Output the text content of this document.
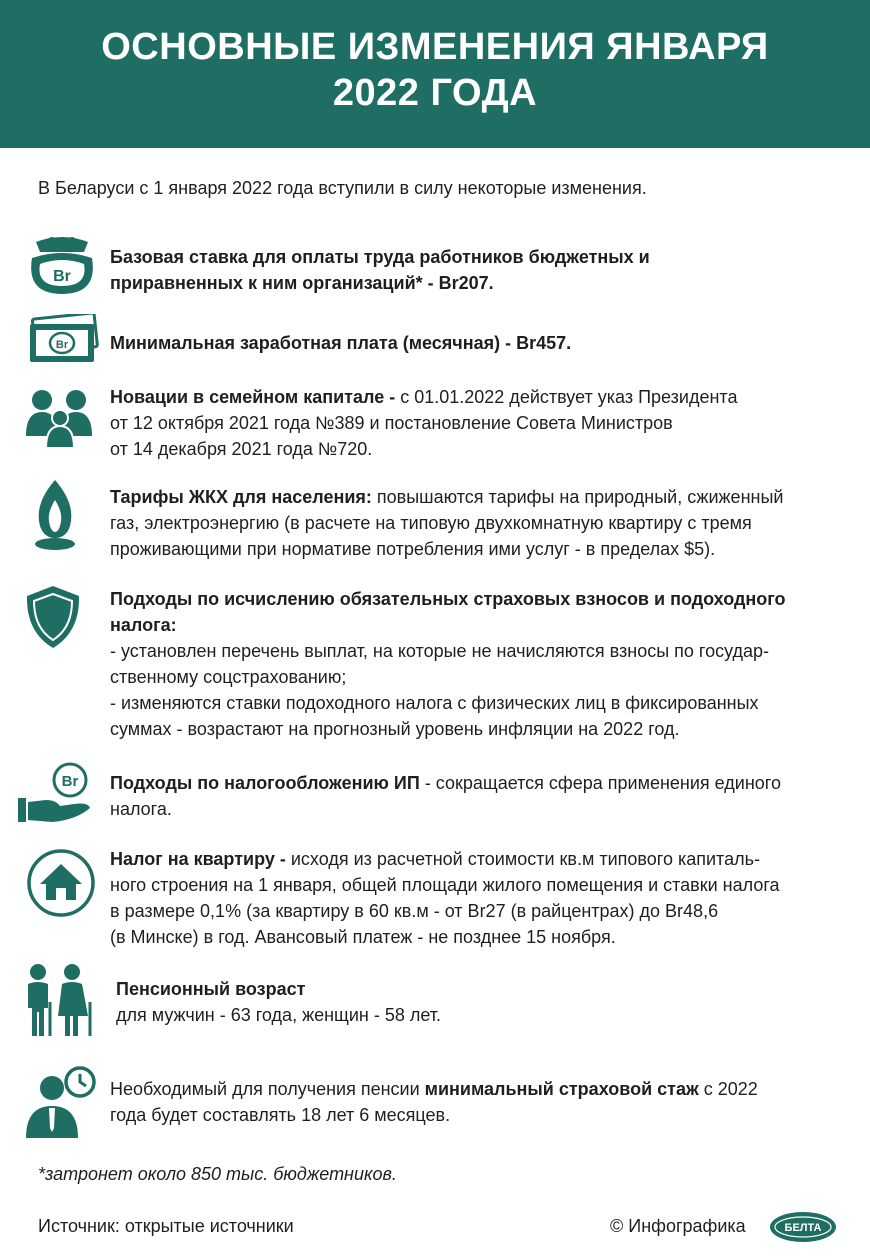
ОСНОВНЫЕ ИЗМЕНЕНИЯ ЯНВАРЯ
2022 ГОДА
В Беларуси с 1 января 2022 года вступили в силу некоторые изменения.
Br
Базовая ставка для оплаты труда работников бюджетных и
приравненных к ним организаций* - Br207.
Br Минимальная заработная плата (месячная) - Br457.
Новации в семейном капитале - с 01.01.2022 действует указ Президента
от 12 октября 2021 года №389 и постановление Совета Министров
от 14 декабря 2021 года №720.
Тарифы ЖКХ для населения: повышаются тарифы на природный, сжиженный
газ, электроэнергию (в расчете на типовую двухкомнатную квартиру с тремя
проживающими при нормативе потребления ими услуг - в пределах $5).
Подходы по исчислению обязательных страховых взносов и подоходного
налога:
- установлен перечень выплат, на которые не начисляются взносы по государ-
ственному соцстрахованию;
- изменяются ставки подоходного налога с физических лиц в фиксированных
суммах - возрастают на прогнозный уровень инфляции на 2022 год.
Br Подходы по налогообложению ИП - сокращается сфера применения единого
налога.
Налог на квартиру - исходя из расчетной стоимости кв.м типового капиталь-
ного строения на 1 января, общей площади жилого помещения и ставки налога
в размере 0,1% (за квартиру в 60 кв.м - от Br27 (в райцентрах) до Br48,6
(в Минске) в год. Авансовый платеж - не позднее 15 ноября.
Пенсионный возраст
для мужчин - 63 года, женщин - 58 лет.
Необходимый для получения пенсии минимальный страховой стаж с 2022
года будет составлять 18 лет 6 месяцев.
*затронет около 850 тыс. бюджетников.
Источник: открытые источники	© Инфографика	БЕЛТА
